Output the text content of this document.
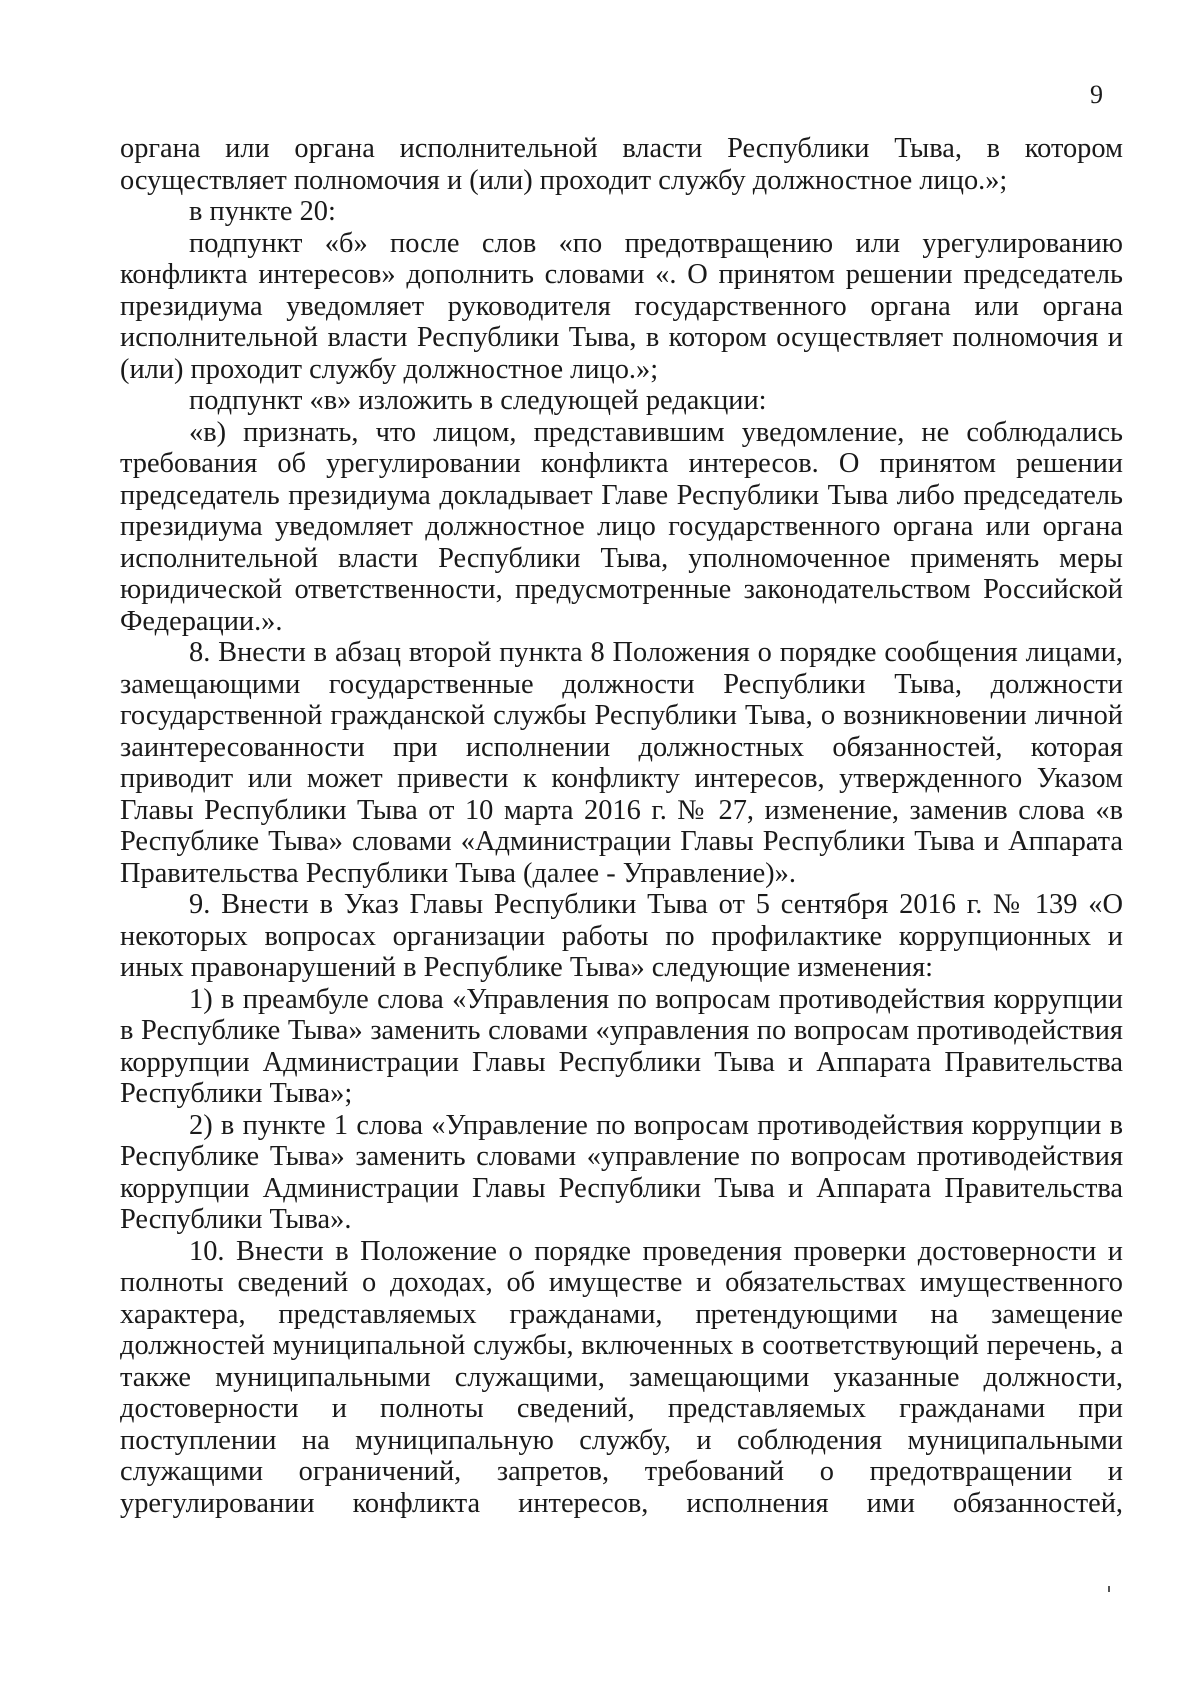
9

органа или органа исполнительной власти Республики Тыва, в котором осуществляет полномочия и (или) проходит службу должностное лицо.»;

в пункте 20:

подпункт «б» после слов «по предотвращению или урегулированию конфликта интересов» дополнить словами «. О принятом решении председатель президиума уведомляет руководителя государственного органа или органа исполнительной власти Республики Тыва, в котором осуществляет полномочия и (или) проходит службу должностное лицо.»;

подпункт «в» изложить в следующей редакции:

«в) признать, что лицом, представившим уведомление, не соблюдались требования об урегулировании конфликта интересов. О принятом решении председатель президиума докладывает Главе Республики Тыва либо председатель президиума уведомляет должностное лицо государственного органа или органа исполнительной власти Республики Тыва, уполномоченное применять меры юридической ответственности, предусмотренные законодательством Российской Федерации.».

8. Внести в абзац второй пункта 8 Положения о порядке сообщения лицами, замещающими государственные должности Республики Тыва, должности государственной гражданской службы Республики Тыва, о возникновении личной заинтересованности при исполнении должностных обязанностей, которая приводит или может привести к конфликту интересов, утвержденного Указом Главы Республики Тыва от 10 марта 2016 г. № 27, изменение, заменив слова «в Республике Тыва» словами «Администрации Главы Республики Тыва и Аппарата Правительства Республики Тыва (далее - Управление)».

9. Внести в Указ Главы Республики Тыва от 5 сентября 2016 г. № 139 «О некоторых вопросах организации работы по профилактике коррупционных и иных правонарушений в Республике Тыва» следующие изменения:

1) в преамбуле слова «Управления по вопросам противодействия коррупции в Республике Тыва» заменить словами «управления по вопросам противодействия коррупции Администрации Главы Республики Тыва и Аппарата Правительства Республики Тыва»;

2) в пункте 1 слова «Управление по вопросам противодействия коррупции в Республике Тыва» заменить словами «управление по вопросам противодействия коррупции Администрации Главы Республики Тыва и Аппарата Правительства Республики Тыва».

10. Внести в Положение о порядке проведения проверки достоверности и полноты сведений о доходах, об имуществе и обязательствах имущественного характера, представляемых гражданами, претендующими на замещение должностей муниципальной службы, включенных в соответствующий перечень, а также муниципальными служащими, замещающими указанные должности, достоверности и полноты сведений, представляемых гражданами при поступлении на муниципальную службу, и соблюдения муниципальными служащими ограничений, запретов, требований о предотвращении и урегулировании конфликта интересов, исполнения ими обязанностей,
